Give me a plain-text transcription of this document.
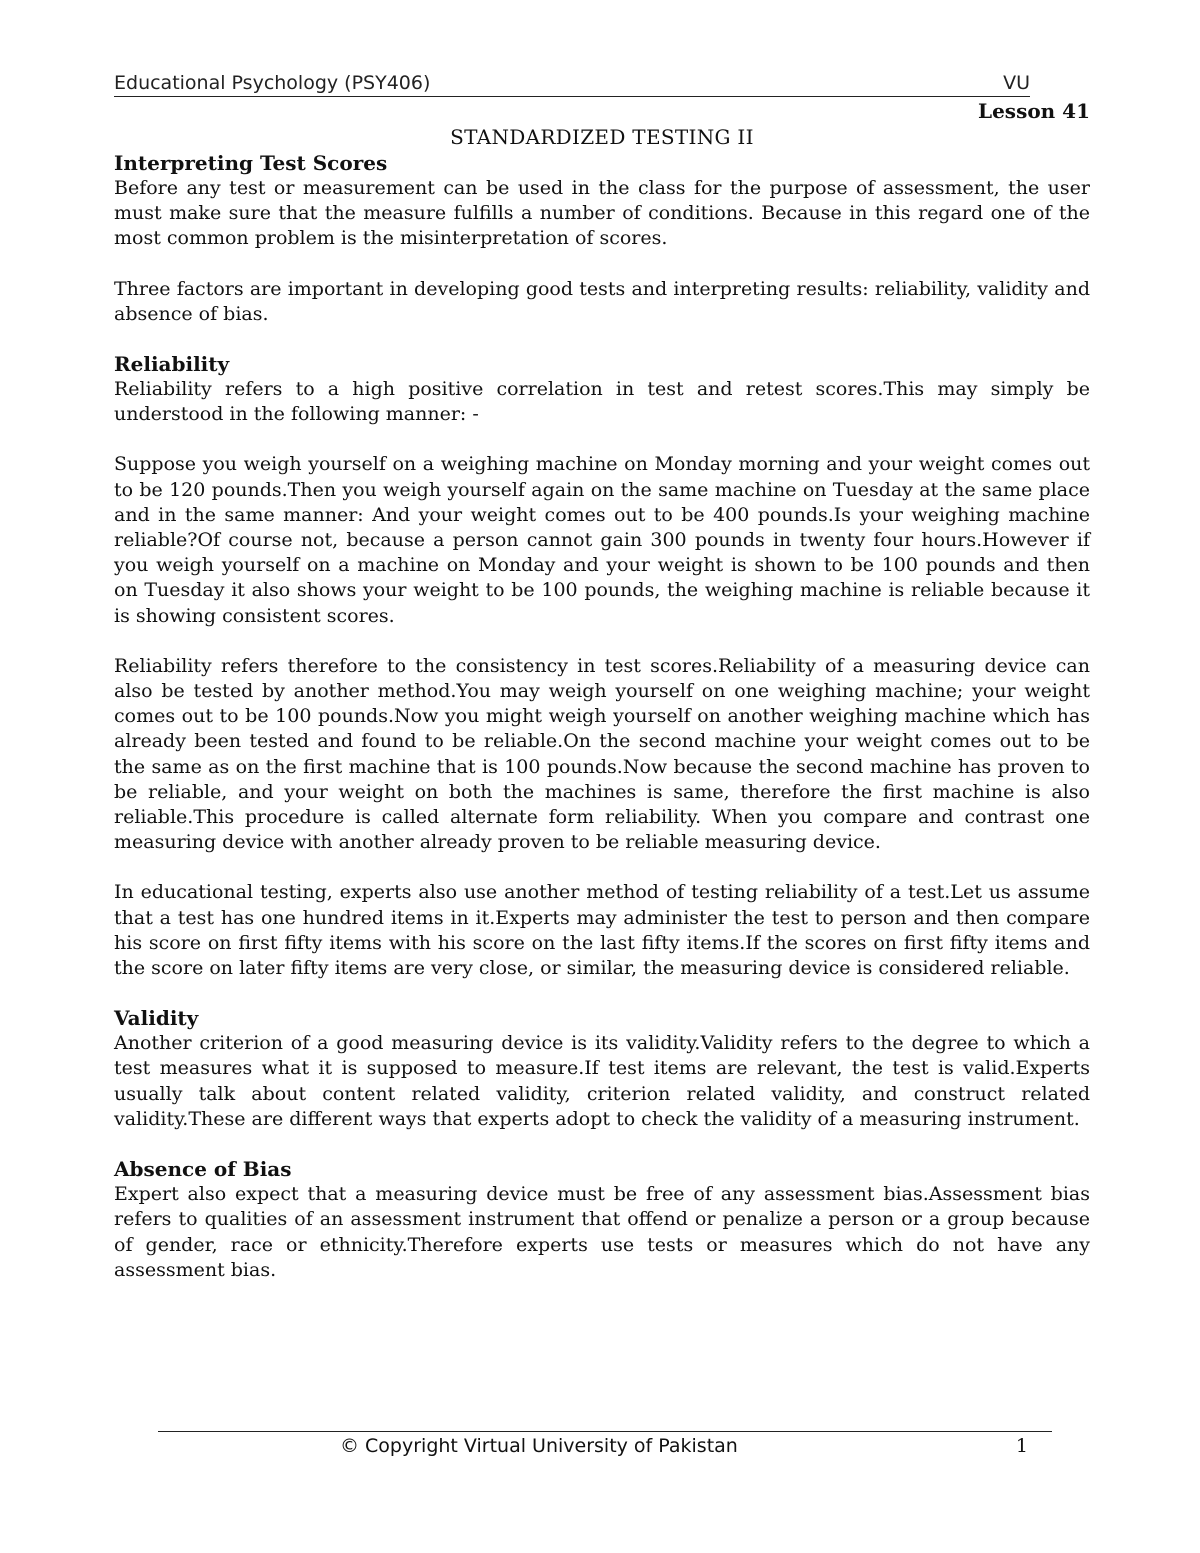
Educational Psychology (PSY406)	VU
Lesson 41
STANDARDIZED TESTING II
Interpreting Test Scores

Before any test or measurement can be used in the class for the purpose of assessment, the user must make sure that the measure fulfills a number of conditions. Because in this regard one of the most common problem is the misinterpretation of scores.

Three factors are important in developing good tests and interpreting results: reliability, validity and absence of bias.

Reliability

Reliability refers to a high positive correlation in test and retest scores.This may simply be understood in the following manner: -

Suppose you weigh yourself on a weighing machine on Monday morning and your weight comes out to be 120 pounds.Then you weigh yourself again on the same machine on Tuesday at the same place and in the same manner: And your weight comes out to be 400 pounds.Is your weighing machine reliable?Of course not, because a person cannot gain 300 pounds in twenty four hours.However if you weigh yourself on a machine on Monday and your weight is shown to be 100 pounds and then on Tuesday it also shows your weight to be 100 pounds, the weighing machine is reliable because it is showing consistent scores.

Reliability refers therefore to the consistency in test scores.Reliability of a measuring device can also be tested by another method.You may weigh yourself on one weighing machine; your weight comes out to be 100 pounds.Now you might weigh yourself on another weighing machine which has already been tested and found to be reliable.On the second machine your weight comes out to be the same as on the first machine that is 100 pounds.Now because the second machine has proven to be reliable, and your weight on both the machines is same, therefore the first machine is also reliable.This procedure is called alternate form reliability. When you compare and contrast one measuring device with another already proven to be reliable measuring device.

In educational testing, experts also use another method of testing reliability of a test.Let us assume that a test has one hundred items in it.Experts may administer the test to person and then compare his score on first fifty items with his score on the last fifty items.If the scores on first fifty items and the score on later fifty items are very close, or similar, the measuring device is considered reliable.

Validity

Another criterion of a good measuring device is its validity.Validity refers to the degree to which a test measures what it is supposed to measure.If test items are relevant, the test is valid.Experts usually talk about content related validity, criterion related validity, and construct related validity.These are different ways that experts adopt to check the validity of a measuring instrument.

Absence of Bias

Expert also expect that a measuring device must be free of any assessment bias.Assessment bias refers to qualities of an assessment instrument that offend or penalize a person or a group because of gender, race or ethnicity.Therefore experts use tests or measures which do not have any assessment bias.

© Copyright Virtual University of Pakistan	1
